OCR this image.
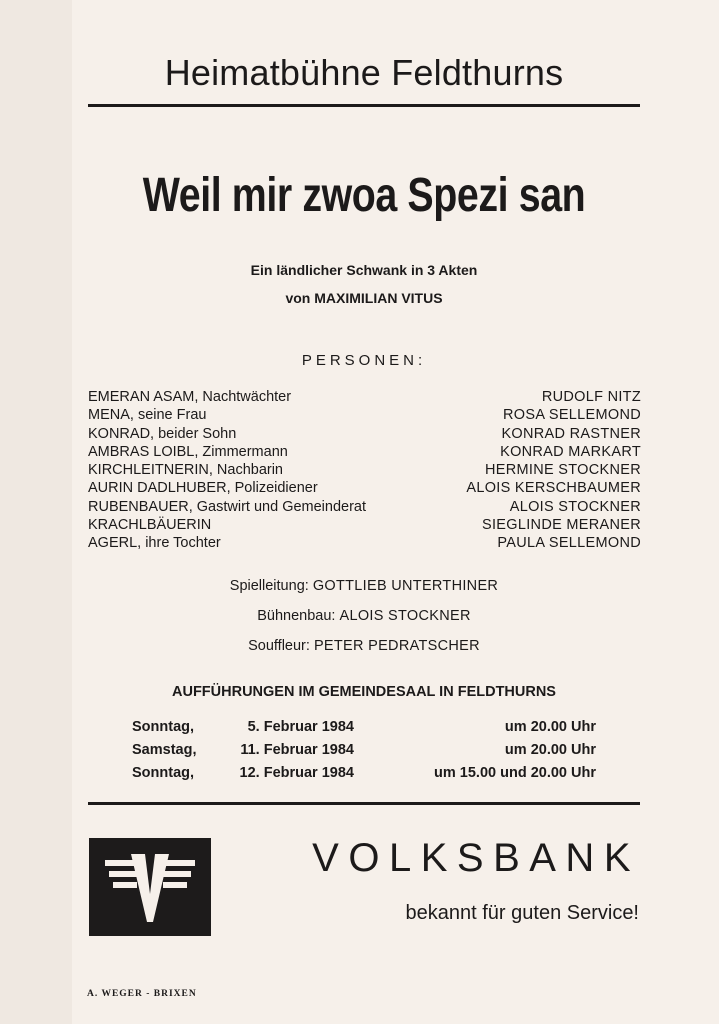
Heimatbühne Feldthurns
Weil mir zwoa Spezi san
Ein ländlicher Schwank in 3 Akten
von MAXIMILIAN VITUS
PERSONEN:
EMERAN ASAM, Nachtwächter	RUDOLF NITZ
MENA, seine Frau	ROSA SELLEMOND
KONRAD, beider Sohn	KONRAD RASTNER
AMBRAS LOIBL, Zimmermann	KONRAD MARKART
KIRCHLEITNERIN, Nachbarin	HERMINE STOCKNER
AURIN DADLHUBER, Polizeidiener	ALOIS KERSCHBAUMER
RUBENBAUER, Gastwirt und Gemeinderat	ALOIS STOCKNER
KRACHLBÄUERIN	SIEGLINDE MERANER
AGERL, ihre Tochter	PAULA SELLEMOND
Spielleitung: GOTTLIEB UNTERTHINER
Bühnenbau: ALOIS STOCKNER
Souffleur: PETER PEDRATSCHER
AUFFÜHRUNGEN IM GEMEINDESAAL IN FELDTHURNS
Sonntag,	5. Februar 1984	um 20.00 Uhr
Samstag,	11. Februar 1984	um 20.00 Uhr
Sonntag,	12. Februar 1984	um 15.00 und 20.00 Uhr
VOLKSBANK
bekannt für guten Service!
A. WEGER - BRIXEN
